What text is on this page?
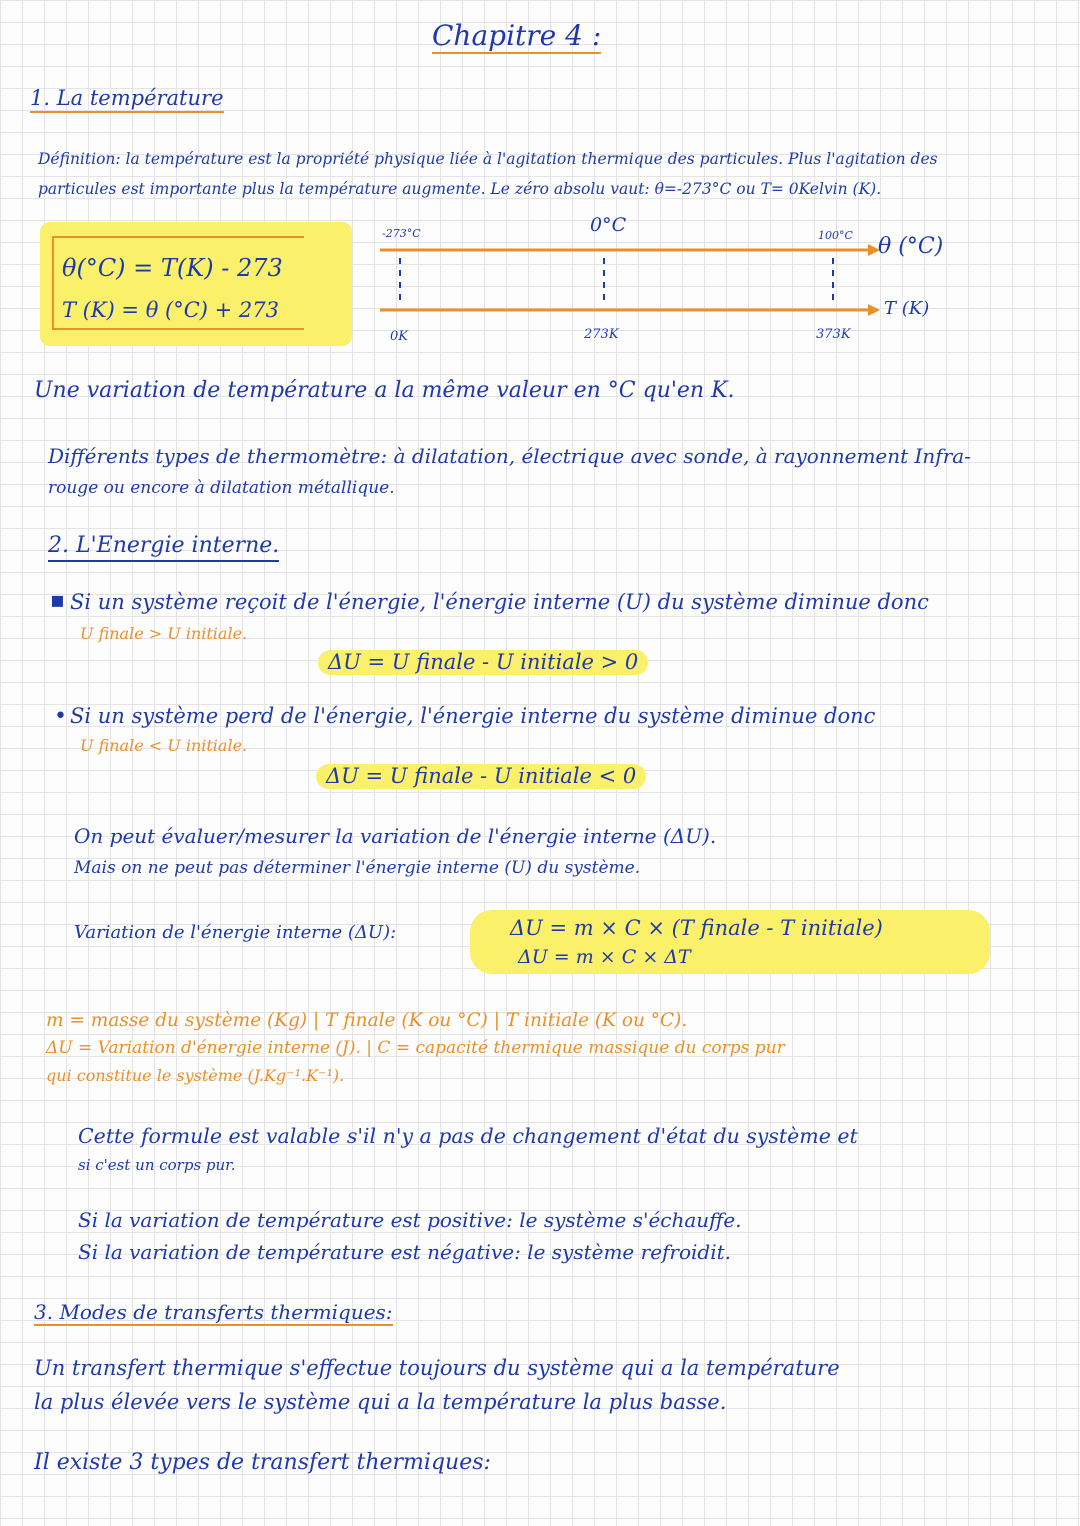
Chapitre 4 :
1. La température
Définition: la température est la propriété physique liée à l'agitation thermique des particules. Plus l'agitation des
particules est importante plus la température augmente. Le zéro absolu vaut: θ=-273°C ou T= 0Kelvin (K).
θ(°C) = T(K) - 273
T (K) = θ (°C) + 273
-273°C	0°C	100°C θ (°C)
0K	273K	373K
T (K)
Une variation de température a la même valeur en °C qu'en K.
Différents types de thermomètre: à dilatation, électrique avec sonde, à rayonnement Infra-
rouge ou encore à dilatation métallique.
2. L'Energie interne.
▪ Si un système reçoit de l'énergie, l'énergie interne (U) du système diminue donc
U finale > U initiale.
ΔU = U finale - U initiale > 0
• Si un système perd de l'énergie, l'énergie interne du système diminue donc
U finale < U initiale.
ΔU = U finale - U initiale < 0
On peut évaluer/mesurer la variation de l'énergie interne (ΔU).
Mais on ne peut pas déterminer l'énergie interne (U) du système.
Variation de l'énergie interne (ΔU):	ΔU = m × C × (T finale - T initiale)
ΔU = m × C × ΔT
m = masse du système (Kg) | T finale (K ou °C) | T initiale (K ou °C).
ΔU = Variation d'énergie interne (J). | C = capacité thermique massique du corps pur
qui constitue le système (J.Kg⁻¹.K⁻¹).
Cette formule est valable s'il n'y a pas de changement d'état du système et
si c'est un corps pur.
Si la variation de température est positive: le système s'échauffe.
Si la variation de température est négative: le système refroidit.
3. Modes de transferts thermiques:
Un transfert thermique s'effectue toujours du système qui a la température
la plus élevée vers le système qui a la température la plus basse.
Il existe 3 types de transfert thermiques:
